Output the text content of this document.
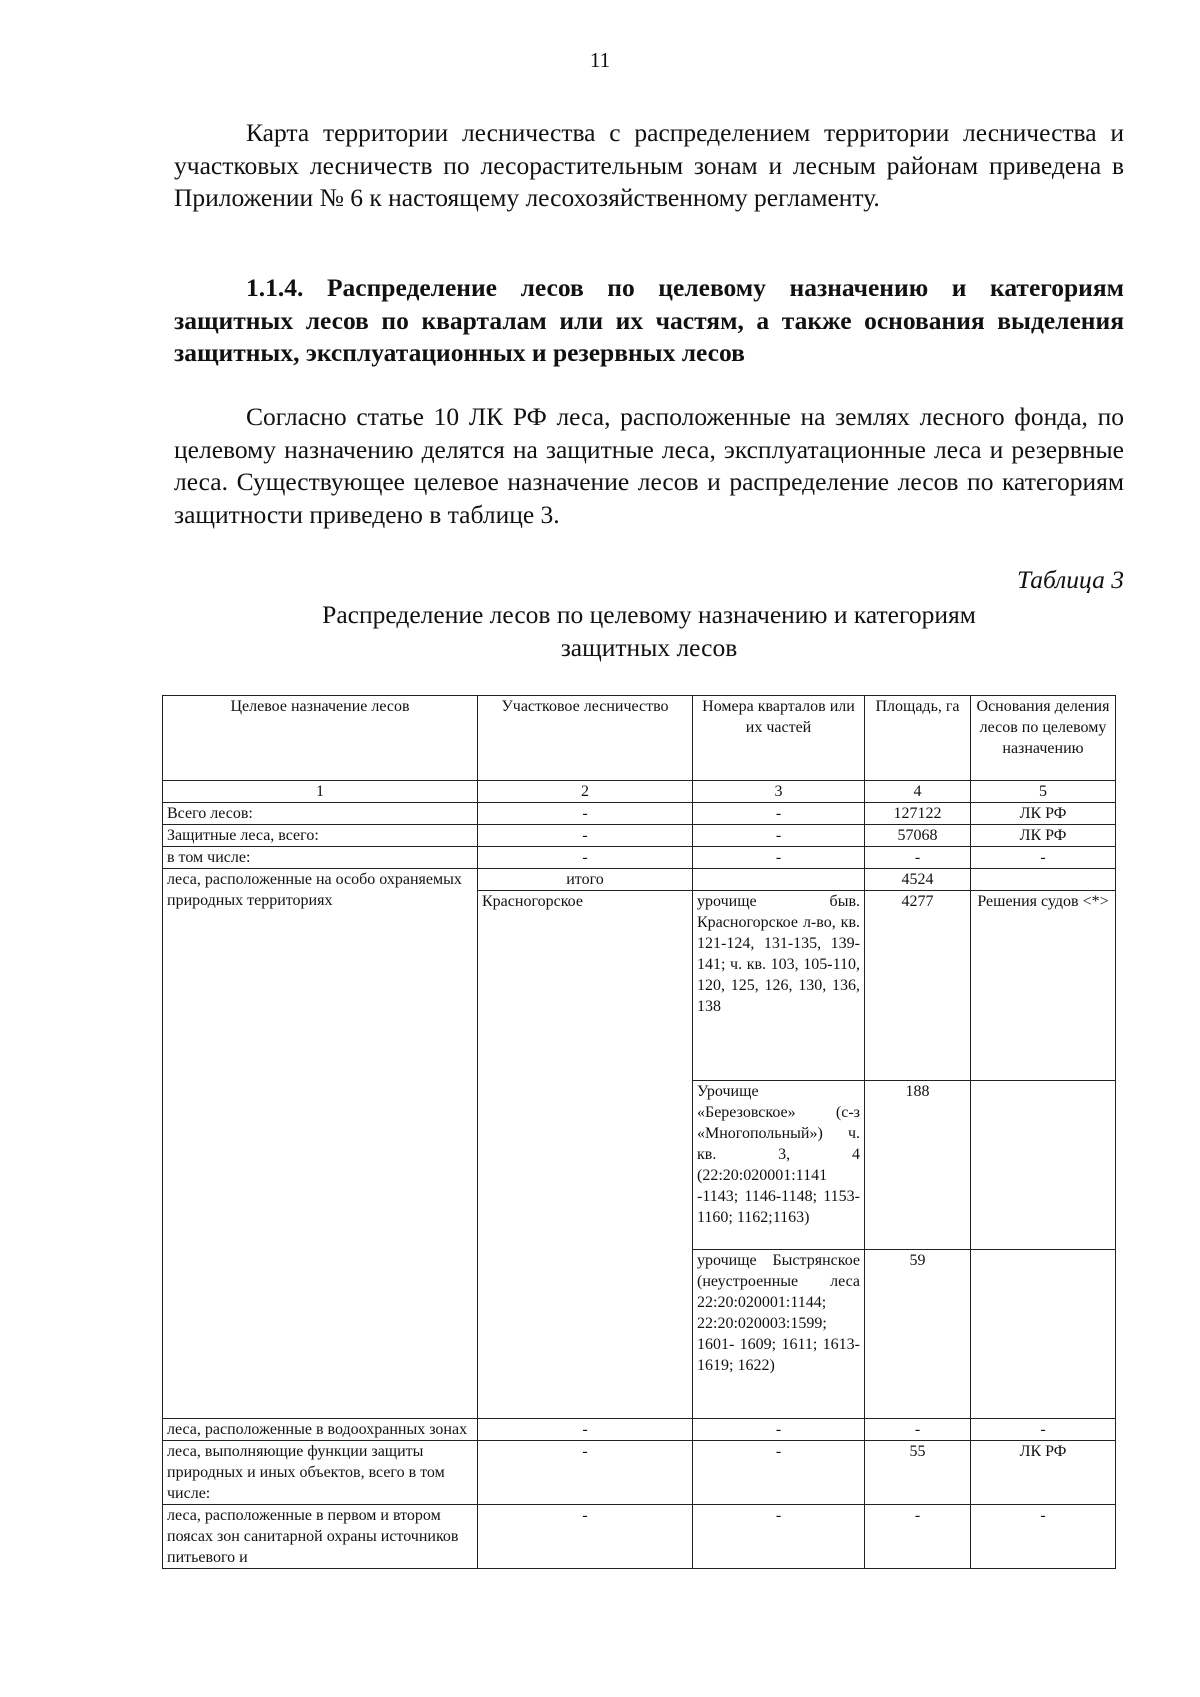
11

Карта территории лесничества с распределением территории лесничества и участковых лесничеств по лесорастительным зонам и лесным районам приведена в Приложении № 6 к настоящему лесохозяйственному регламенту.

1.1.4. Распределение лесов по целевому назначению и категориям защитных лесов по кварталам или их частям, а также основания выделения защитных, эксплуатационных и резервных лесов

Согласно статье 10 ЛК РФ леса, расположенные на землях лесного фонда, по целевому назначению делятся на защитные леса, эксплуатационные леса и резервные леса. Существующее целевое назначение лесов и распределение лесов по категориям защитности приведено в таблице 3.

Таблица 3
Распределение лесов по целевому назначению и категориям
защитных лесов
Целевое назначение лесов	Участковое лесничество	Номера кварталов или их частей	Площадь, га	Основания деления лесов по целевому назначению
1	2	3	4	5
Всего лесов:	-	-	127122	ЛК РФ
Защитные леса, всего:	-	-	57068	ЛК РФ
в том числе:	-	-	-	-
леса, расположенные на особо охраняемых природных территориях	итого		4524	
	Красногорское	урочище быв. Красногорское л-во, кв. 121-124, 131-135, 139-141; ч. кв. 103, 105-110, 120, 125, 126, 130, 136, 138	4277	Решения судов <*>
		Урочище «Березовское» (с-з «Многопольный») ч. кв. 3, 4 (22:20:020001:1141 -1143; 1146-1148; 1153-1160; 1162;1163)	188	
		урочище Быстрянское (неустроенные леса 22:20:020001:1144; 22:20:020003:1599; 1601- 1609; 1611; 1613-1619; 1622)	59	
леса, расположенные в водоохранных зонах	-	-	-	-
леса, выполняющие функции защиты природных и иных объектов, всего в том числе:	-	-	55	ЛК РФ
леса, расположенные в первом и втором поясах зон санитарной охраны источников питьевого и	-	-	-	-
